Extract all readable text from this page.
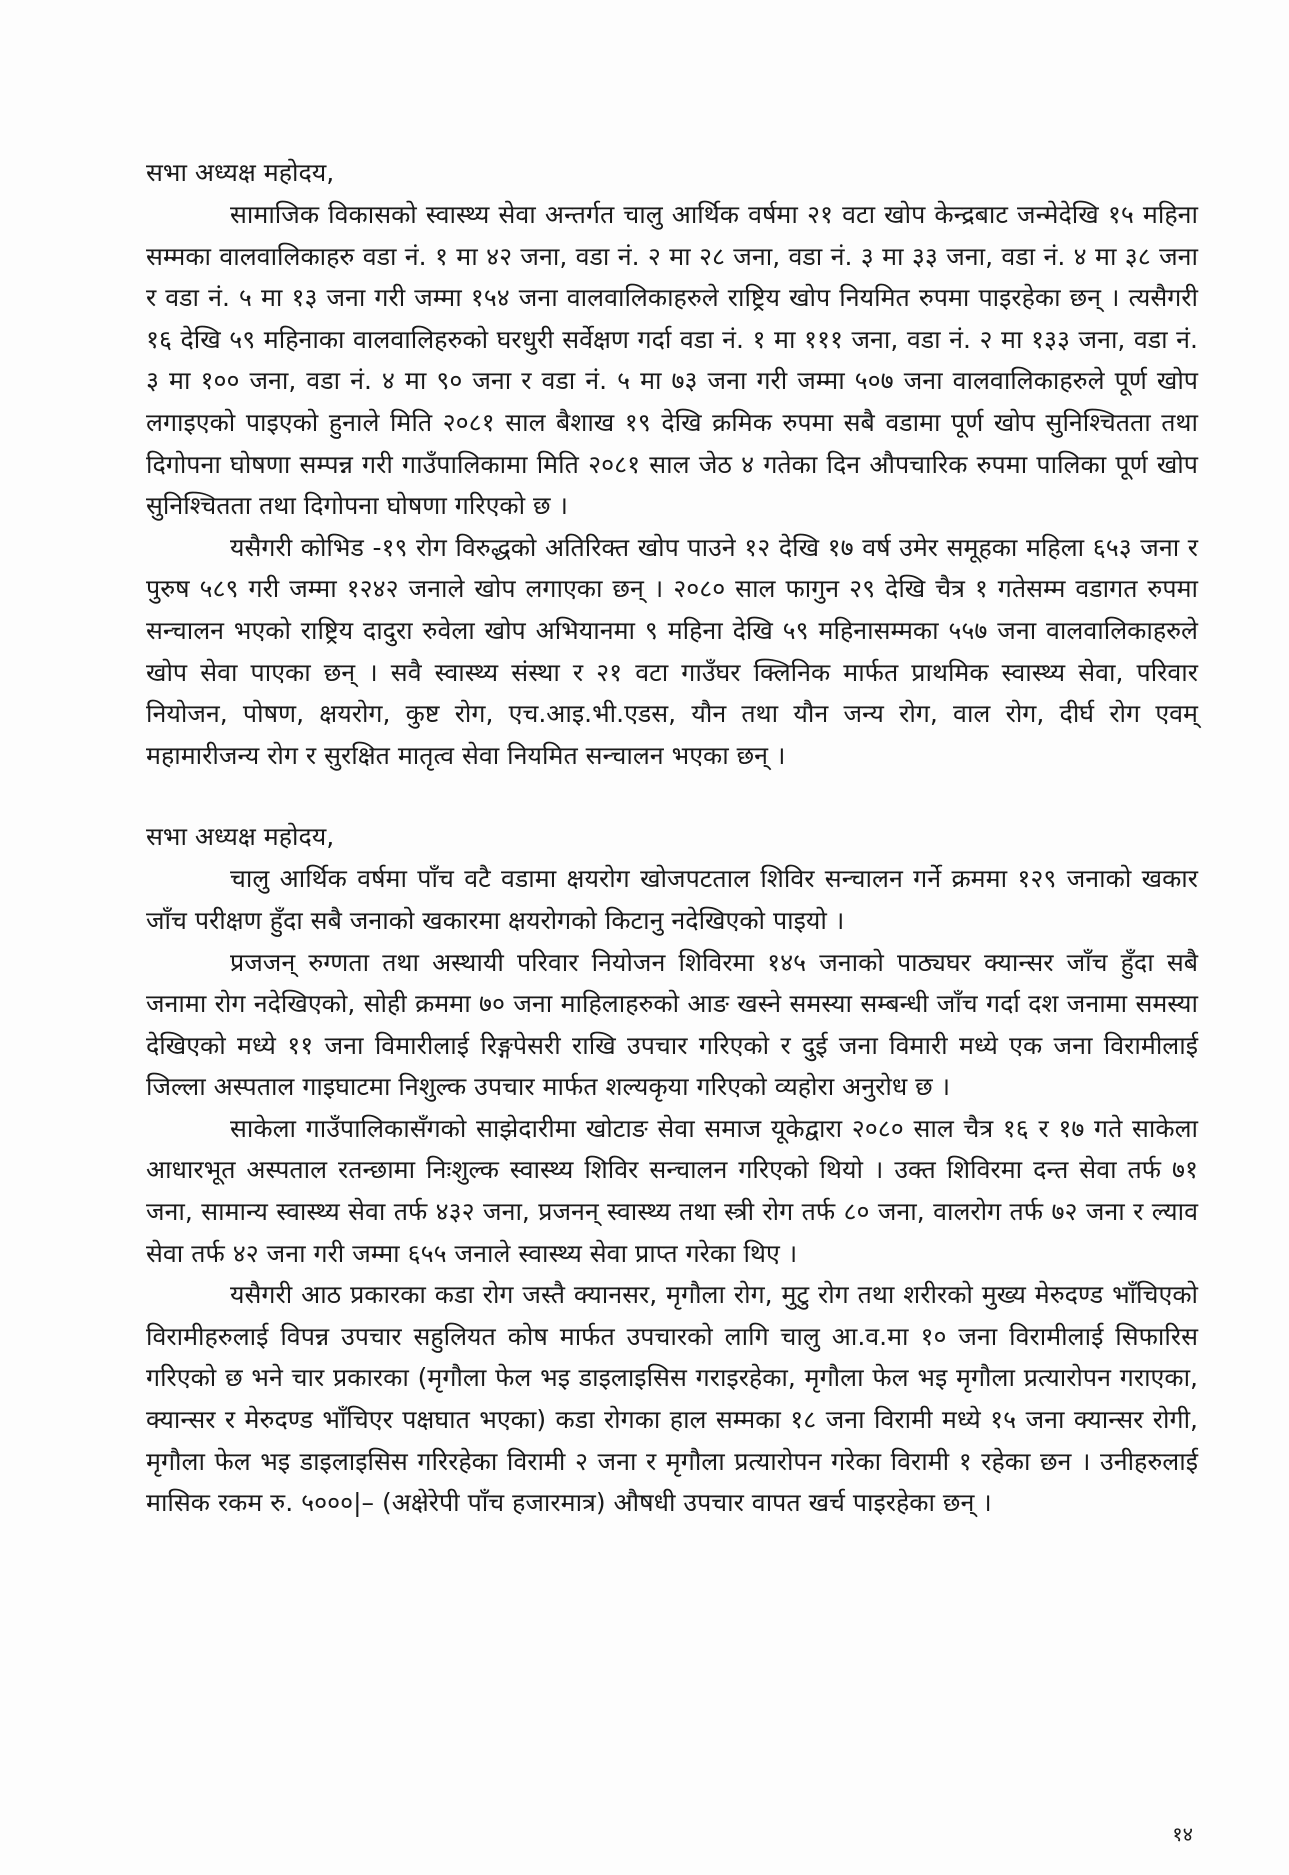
सभा अध्यक्ष महोदय,

सामाजिक विकासको स्वास्थ्य सेवा अन्तर्गत चालु आर्थिक वर्षमा २१ वटा खोप केन्द्रबाट जन्मेदेखि १५ महिना सम्मका वालवालिकाहरु वडा नं. १ मा ४२ जना, वडा नं. २ मा २८ जना, वडा नं. ३ मा ३३ जना, वडा नं. ४ मा ३८ जना र वडा नं. ५ मा १३ जना गरी जम्मा १५४ जना वालवालिकाहरुले राष्ट्रिय खोप नियमित रुपमा पाइरहेका छन् । त्यसैगरी १६ देखि ५९ महिनाका वालवालिहरुको घरधुरी सर्वेक्षण गर्दा वडा नं. १ मा १११ जना, वडा नं. २ मा १३३ जना, वडा नं. ३ मा १०० जना, वडा नं. ४ मा ९० जना र वडा नं. ५ मा ७३ जना गरी जम्मा ५०७ जना वालवालिकाहरुले पूर्ण खोप लगाइएको पाइएको हुनाले मिति २०८१ साल बैशाख १९ देखि क्रमिक रुपमा सबै वडामा पूर्ण खोप सुनिश्चितता तथा दिगोपना घोषणा सम्पन्न गरी गाउँपालिकामा मिति २०८१ साल जेठ ४ गतेका दिन औपचारिक रुपमा पालिका पूर्ण खोप सुनिश्चितता तथा दिगोपना घोषणा गरिएको छ ।

यसैगरी कोभिड -१९ रोग विरुद्धको अतिरिक्त खोप पाउने १२ देखि १७ वर्ष उमेर समूहका महिला ६५३ जना र पुरुष ५८९ गरी जम्मा १२४२ जनाले खोप लगाएका छन् । २०८० साल फागुन २९ देखि चैत्र १ गतेसम्म वडागत रुपमा सन्चालन भएको राष्ट्रिय दादुरा रुवेला खोप अभियानमा ९ महिना देखि ५९ महिनासम्मका ५५७ जना वालवालिकाहरुले खोप सेवा पाएका छन् । सवै स्वास्थ्य संस्था र २१ वटा गाउँघर क्लिनिक मार्फत प्राथमिक स्वास्थ्य सेवा, परिवार नियोजन, पोषण, क्षयरोग, कुष्ट रोग, एच.आइ.भी.एडस, यौन तथा यौन जन्य रोग, वाल रोग, दीर्घ रोग एवम् महामारीजन्य रोग र सुरक्षित मातृत्व सेवा नियमित सन्चालन भएका छन् ।

सभा अध्यक्ष महोदय,

चालु आर्थिक वर्षमा पाँच वटै वडामा क्षयरोग खोजपटताल शिविर सन्चालन गर्ने क्रममा १२९ जनाको खकार जाँच परीक्षण हुँदा सबै जनाको खकारमा क्षयरोगको किटानु नदेखिएको पाइयो ।

प्रजजन् रुग्णता तथा अस्थायी परिवार नियोजन शिविरमा १४५ जनाको पाठ्यघर क्यान्सर जाँच हुँदा सबै जनामा रोग नदेखिएको, सोही क्रममा ७० जना माहिलाहरुको आङ खस्ने समस्या सम्बन्धी जाँच गर्दा दश जनामा समस्या देखिएको मध्ये ११ जना विमारीलाई रिङ्गपेसरी राखि उपचार गरिएको र दुई जना विमारी मध्ये एक जना विरामीलाई जिल्ला अस्पताल गाइघाटमा निशुल्क उपचार मार्फत शल्यकृया गरिएको व्यहोरा अनुरोध छ ।

साकेला गाउँपालिकासँगको साझेदारीमा खोटाङ सेवा समाज यूकेद्वारा २०८० साल चैत्र १६ र १७ गते साकेला आधारभूत अस्पताल रतन्छामा निःशुल्क स्वास्थ्य शिविर सन्चालन गरिएको थियो । उक्त शिविरमा दन्त सेवा तर्फ ७१ जना, सामान्य स्वास्थ्य सेवा तर्फ ४३२ जना, प्रजनन् स्वास्थ्य तथा स्त्री रोग तर्फ ८० जना, वालरोग तर्फ ७२ जना र ल्याव सेवा तर्फ ४२ जना गरी जम्मा ६५५ जनाले स्वास्थ्य सेवा प्राप्त गरेका थिए ।

यसैगरी आठ प्रकारका कडा रोग जस्तै क्यानसर, मृगौला रोग, मुटु रोग तथा शरीरको मुख्य मेरुदण्ड भाँचिएको विरामीहरुलाई विपन्न उपचार सहुलियत कोष मार्फत उपचारको लागि चालु आ.व.मा १० जना विरामीलाई सिफारिस गरिएको छ भने चार प्रकारका (मृगौला फेल भइ डाइलाइसिस गराइरहेका, मृगौला फेल भइ मृगौला प्रत्यारोपन गराएका, क्यान्सर र मेरुदण्ड भाँचिएर पक्षघात भएका) कडा रोगका हाल सम्मका १८ जना विरामी मध्ये १५ जना क्यान्सर रोगी, मृगौला फेल भइ डाइलाइसिस गरिरहेका विरामी २ जना र मृगौला प्रत्यारोपन गरेका विरामी १ रहेका छन । उनीहरुलाई मासिक रकम रु. ५०००|– (अक्षेरेपी पाँच हजारमात्र) औषधी उपचार वापत खर्च पाइरहेका छन् ।

१४
